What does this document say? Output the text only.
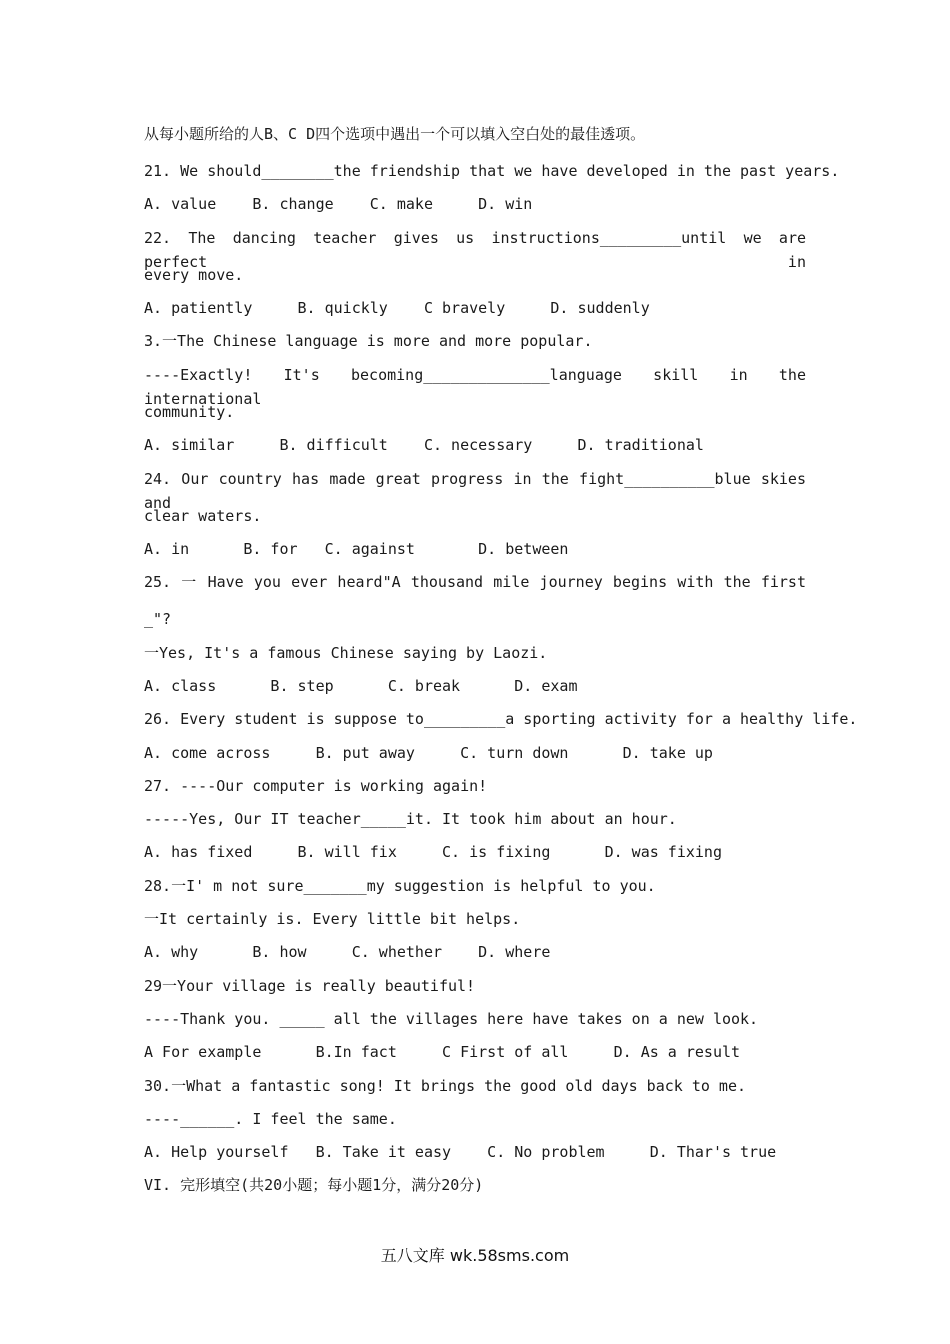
从每小题所给的人B、C D四个选项中遇出一个可以填入空白处的最佳透项。
21. We should________the friendship that we have developed in the past years.
A. value    B. change    C. make     D. win
22. The dancing teacher gives us instructions_________until we are perfect in
every move.
A. patiently     B. quickly    C bravely     D. suddenly
3.一The Chinese language is more and more popular.
----Exactly! It's becoming______________language skill in the international
community.
A. similar     B. difficult    C. necessary     D. traditional
24. Our country has made great progress in the fight__________blue skies and
clear waters.
A. in      B. for   C. against       D. between
25. 一 Have you ever heard"A thousand mile journey begins with the first
_"?
一Yes, It's a famous Chinese saying by Laozi.
A. class      B. step      C. break      D. exam
26. Every student is suppose to_________a sporting activity for a healthy life.
A. come across     B. put away     C. turn down      D. take up
27. ----Our computer is working again!
-----Yes, Our IT teacher_____it. It took him about an hour.
A. has fixed     B. will fix     C. is fixing      D. was fixing
28.一I' m not sure_______my suggestion is helpful to you.
一It certainly is. Every little bit helps.
A. why      B. how     C. whether    D. where
29一Your village is really beautiful!
----Thank you. _____ all the villages here have takes on a new look.
A For example      B.In fact     C First of all     D. As a result
30.一What a fantastic song! It brings the good old days back to me.
----______. I feel the same.
A. Help yourself   B. Take it easy    C. No problem     D. Thar's true
VI. 完形填空(共20小题；每小题1分，满分20分)
五八文库 wk.58sms.com
